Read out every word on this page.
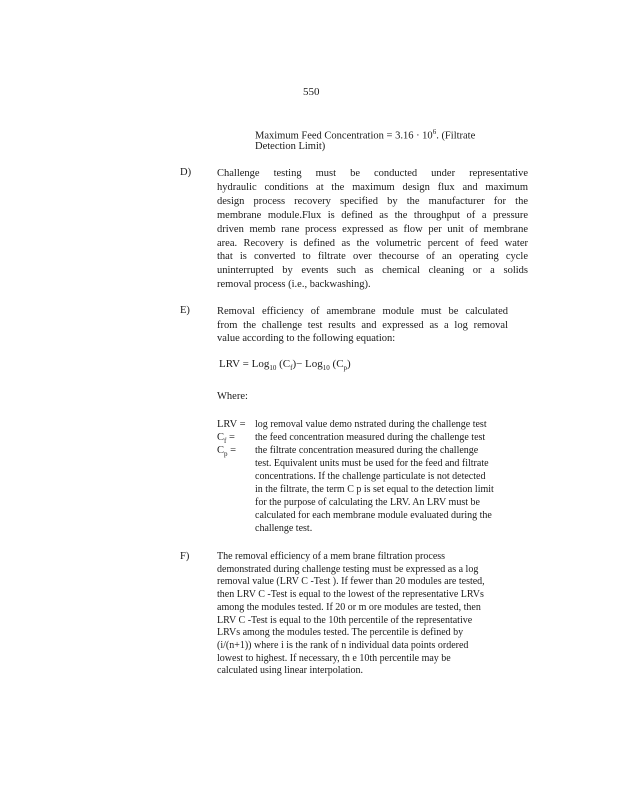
550
Maximum Feed Concentration = $3.16 \cdot 10^6$. (Filtrate
Detection Limit)
D) Challenge testing must be conducted under representative
hydraulic conditions at the maximum design flux and maximum
design process recovery specified by the manufacturer for the
membrane module.Flux is defined as the throughput of a pressure
driven memb rane process expressed as flow per unit of membrane
area. Recovery is defined as the volumetric percent of feed water
that is converted to filtrate over thecourse of an operating cycle
uninterrupted by events such as chemical cleaning or a solids
removal process (i.e., backwashing).
E)	Removal efficiency of amembrane module must be calculated
from the challenge test results and expressed as a log removal
value according to the following equation:
LRV = Log$_{10}$ $(C_f)- Log_{10}$ $(C_p)$
Where:
LRV = log removal value demo nstrated during the challenge test
$C_f$ = the feed concentration measured during the challenge test
$C_p$ = the filtrate concentration measured during the challenge
test. Equivalent units must be used for the feed and filtrate
concentrations. If the challenge particulate is not detected
in the filtrate, the term C p is set equal to the detection limit
for the purpose of calculating the LRV. An LRV must be
calculated for each membrane module evaluated during the
challenge test.
F)	The removal efficiency of a mem brane filtration process
demonstrated during challenge testing must be expressed as a log
removal value (LRV C -Test ). If fewer than 20 modules are tested,
then LRV C -Test is equal to the lowest of the representative LRVs
among the modules tested. If 20 or m ore modules are tested, then
LRV C -Test is equal to the 10th percentile of the representative
LRVs among the modules tested. The percentile is defined by
(i/(n+1)) where i is the rank of n individual data points ordered
lowest to highest. If necessary, th e 10th percentile may be
calculated using linear interpolation.
